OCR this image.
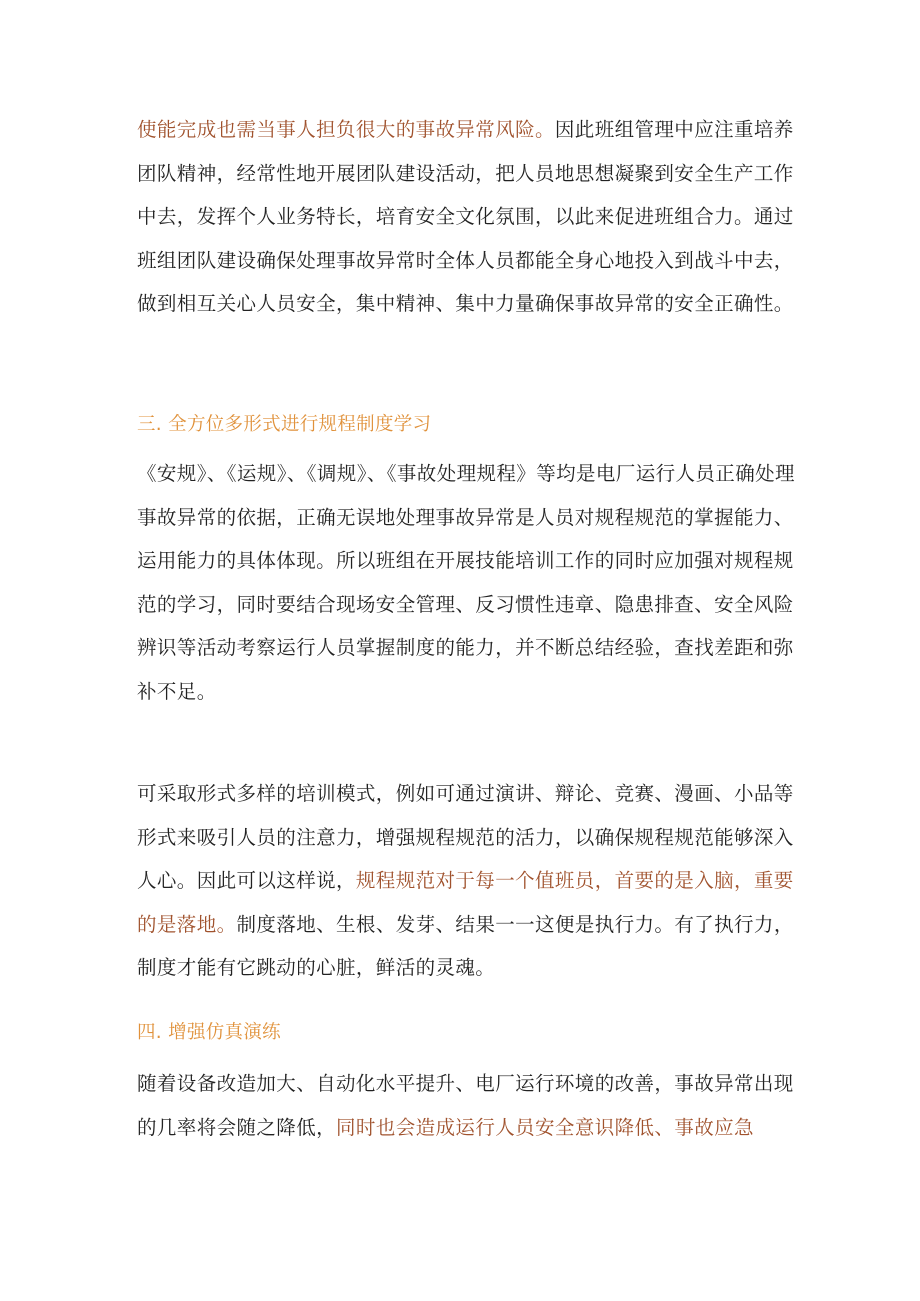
使能完成也需当事人担负很大的事故异常风险。因此班组管理中应注重培养团队精神，经常性地开展团队建设活动，把人员地思想凝聚到安全生产工作中去，发挥个人业务特长，培育安全文化氛围，以此来促进班组合力。通过班组团队建设确保处理事故异常时全体人员都能全身心地投入到战斗中去，做到相互关心人员安全，集中精神、集中力量确保事故异常的安全正确性。

三. 全方位多形式进行规程制度学习

《安规》、《运规》、《调规》、《事故处理规程》等均是电厂运行人员正确处理事故异常的依据，正确无误地处理事故异常是人员对规程规范的掌握能力、运用能力的具体体现。所以班组在开展技能培训工作的同时应加强对规程规范的学习，同时要结合现场安全管理、反习惯性违章、隐患排查、安全风险辨识等活动考察运行人员掌握制度的能力，并不断总结经验，查找差距和弥补不足。

可采取形式多样的培训模式，例如可通过演讲、辩论、竞赛、漫画、小品等形式来吸引人员的注意力，增强规程规范的活力，以确保规程规范能够深入人心。因此可以这样说，规程规范对于每一个值班员，首要的是入脑，重要的是落地。制度落地、生根、发芽、结果一一这便是执行力。有了执行力，制度才能有它跳动的心脏，鲜活的灵魂。

四. 增强仿真演练

随着设备改造加大、自动化水平提升、电厂运行环境的改善，事故异常出现的几率将会随之降低，同时也会造成运行人员安全意识降低、事故应急
